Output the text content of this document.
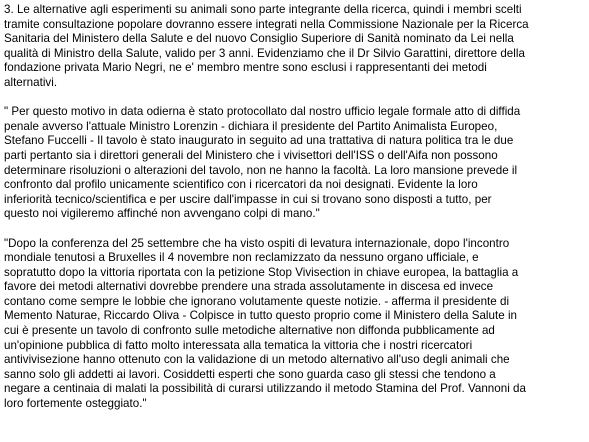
3. Le alternative agli esperimenti su animali sono parte integrante della ricerca, quindi i membri scelti
tramite consultazione popolare dovranno essere integrati nella Commissione Nazionale per la Ricerca
Sanitaria del Ministero della Salute e del nuovo Consiglio Superiore di Sanità nominato da Lei nella
qualità di Ministro della Salute, valido per 3 anni. Evidenziamo che il Dr Silvio Garattini, direttore della
fondazione privata Mario Negri, ne e' membro mentre sono esclusi i rappresentanti dei metodi
alternativi.

" Per questo motivo in data odierna è stato protocollato dal nostro ufficio legale formale atto di diffida
penale avverso l'attuale Ministro Lorenzin - dichiara il presidente del Partito Animalista Europeo,
Stefano Fuccelli - Il tavolo è stato inaugurato in seguito ad una trattativa di natura politica tra le due
parti pertanto sia i direttori generali del Ministero che i vivisettori dell'ISS o dell'Aifa non possono
determinare risoluzioni o alterazioni del tavolo, non ne hanno la facoltà. La loro mansione prevede il
confronto dal profilo unicamente scientifico con i ricercatori da noi designati. Evidente la loro
inferiorità tecnico/scientifica e per uscire dall'impasse in cui si trovano sono disposti a tutto, per
questo noi vigileremo affinché non avvengano colpi di mano."

"Dopo la conferenza del 25 settembre che ha visto ospiti di levatura internazionale, dopo l'incontro
mondiale tenutosi a Bruxelles il 4 novembre non reclamizzato da nessuno organo ufficiale, e
sopratutto dopo la vittoria riportata con la petizione Stop Vivisection in chiave europea, la battaglia a
favore dei metodi alternativi dovrebbe prendere una strada assolutamente in discesa ed invece
contano come sempre le lobbie che ignorano volutamente queste notizie. - afferma il presidente di
Memento Naturae, Riccardo Oliva - Colpisce in tutto questo proprio come il Ministero della Salute in
cui è presente un tavolo di confronto sulle metodiche alternative non diffonda pubblicamente ad
un'opinione pubblica di fatto molto interessata alla tematica la vittoria che i nostri ricercatori
antivivisezione hanno ottenuto con la validazione di un metodo alternativo all'uso degli animali che
sanno solo gli addetti ai lavori. Cosiddetti esperti che sono guarda caso gli stessi che tendono a
negare a centinaia di malati la possibilità di curarsi utilizzando il metodo Stamina del Prof. Vannoni da
loro fortemente osteggiato."
